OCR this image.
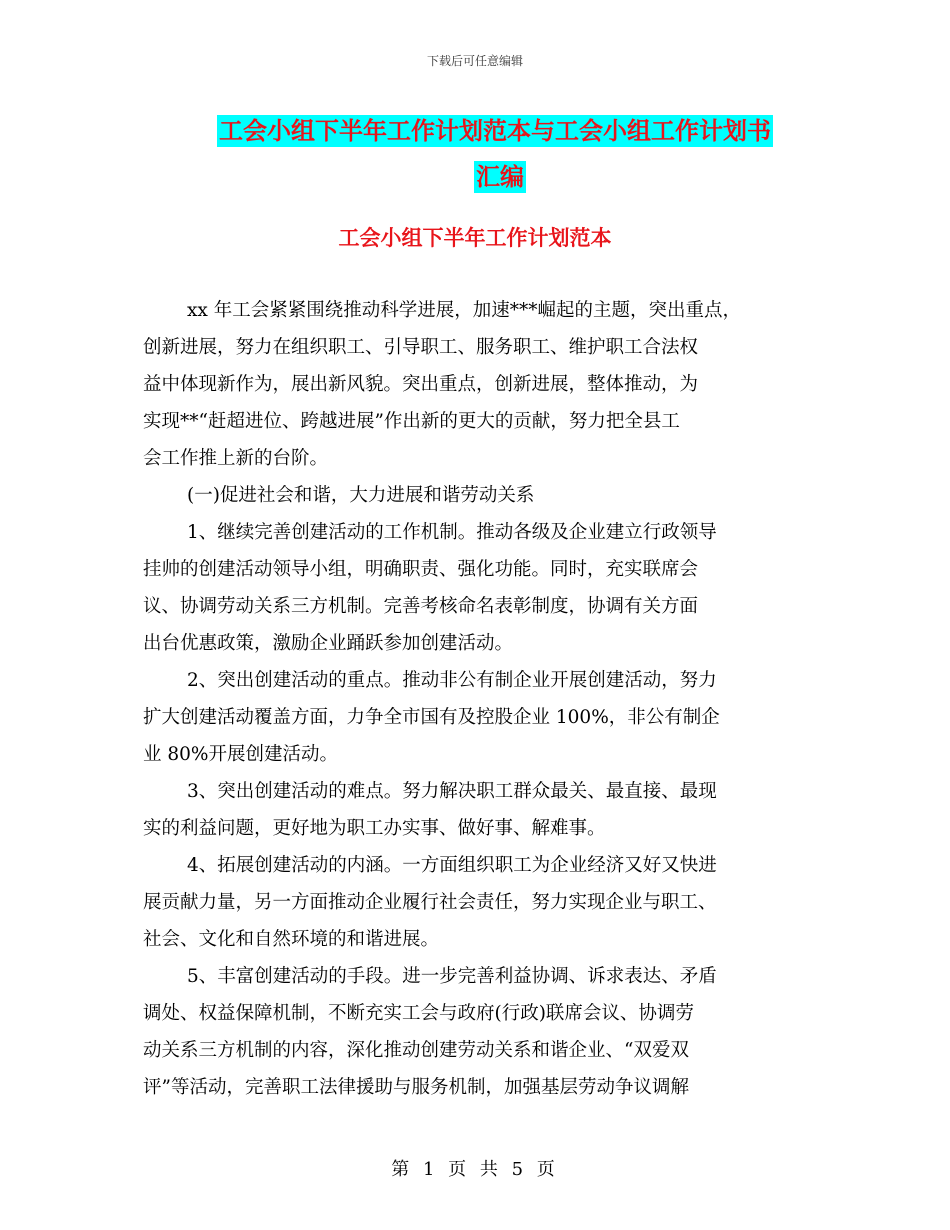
下载后可任意编辑
工会小组下半年工作计划范本与工会小组工作计划书
汇编
工会小组下半年工作计划范本
xx 年工会紧紧围绕推动科学进展，加速***崛起的主题，突出重点，
创新进展，努力在组织职工、引导职工、服务职工、维护职工合法权
益中体现新作为，展出新风貌。突出重点，创新进展，整体推动，为
实现**“赶超进位、跨越进展”作出新的更大的贡献，努力把全县工
会工作推上新的台阶。
(一)促进社会和谐，大力进展和谐劳动关系
1、继续完善创建活动的工作机制。推动各级及企业建立行政领导
挂帅的创建活动领导小组，明确职责、强化功能。同时，充实联席会
议、协调劳动关系三方机制。完善考核命名表彰制度，协调有关方面
出台优惠政策，激励企业踊跃参加创建活动。
2、突出创建活动的重点。推动非公有制企业开展创建活动，努力
扩大创建活动覆盖方面，力争全市国有及控股企业 100%，非公有制企
业 80%开展创建活动。
3、突出创建活动的难点。努力解决职工群众最关、最直接、最现
实的利益问题，更好地为职工办实事、做好事、解难事。
4、拓展创建活动的内涵。一方面组织职工为企业经济又好又快进
展贡献力量，另一方面推动企业履行社会责任，努力实现企业与职工、
社会、文化和自然环境的和谐进展。
5、丰富创建活动的手段。进一步完善利益协调、诉求表达、矛盾
调处、权益保障机制，不断充实工会与政府(行政)联席会议、协调劳
动关系三方机制的内容，深化推动创建劳动关系和谐企业、“双爱双
评”等活动，完善职工法律援助与服务机制，加强基层劳动争议调解
第 1 页 共 5 页
